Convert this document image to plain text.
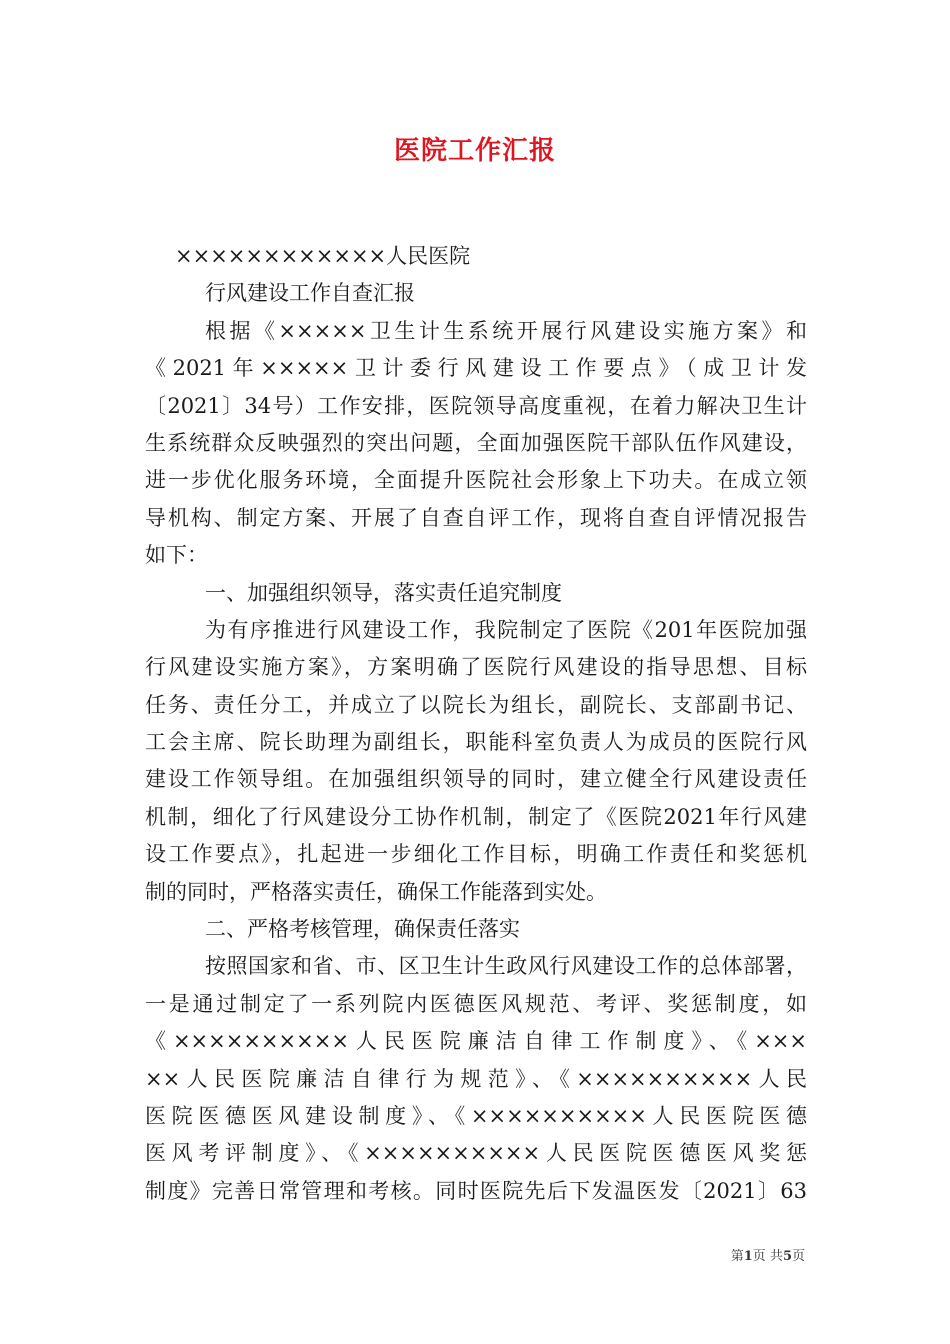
医院工作汇报
××××××××××××人民医院
行风建设工作自查汇报
根据《×××××卫生计生系统开展行风建设实施方案》和
《2021年×××××卫计委行风建设工作要点》（成卫计发
〔2021〕34号）工作安排，医院领导高度重视，在着力解决卫生计
生系统群众反映强烈的突出问题，全面加强医院干部队伍作风建设，
进一步优化服务环境，全面提升医院社会形象上下功夫。在成立领
导机构、制定方案、开展了自查自评工作，现将自查自评情况报告
如下：
一、加强组织领导，落实责任追究制度
为有序推进行风建设工作，我院制定了医院《201年医院加强
行风建设实施方案》，方案明确了医院行风建设的指导思想、目标
任务、责任分工，并成立了以院长为组长，副院长、支部副书记、
工会主席、院长助理为副组长，职能科室负责人为成员的医院行风
建设工作领导组。在加强组织领导的同时，建立健全行风建设责任
机制，细化了行风建设分工协作机制，制定了《医院2021年行风建
设工作要点》，扎起进一步细化工作目标，明确工作责任和奖惩机
制的同时，严格落实责任，确保工作能落到实处。
二、严格考核管理，确保责任落实
按照国家和省、市、区卫生计生政风行风建设工作的总体部署，
一是通过制定了一系列院内医德医风规范、考评、奖惩制度，如
《××××××××××人民医院廉洁自律工作制度》、《×××
××人民医院廉洁自律行为规范》、《××××××××××人民
医院医德医风建设制度》、《××××××××××人民医院医德
医风考评制度》、《××××××××××人民医院医德医风奖惩
制度》完善日常管理和考核。同时医院先后下发温医发〔2021〕63
第1页 共5页
